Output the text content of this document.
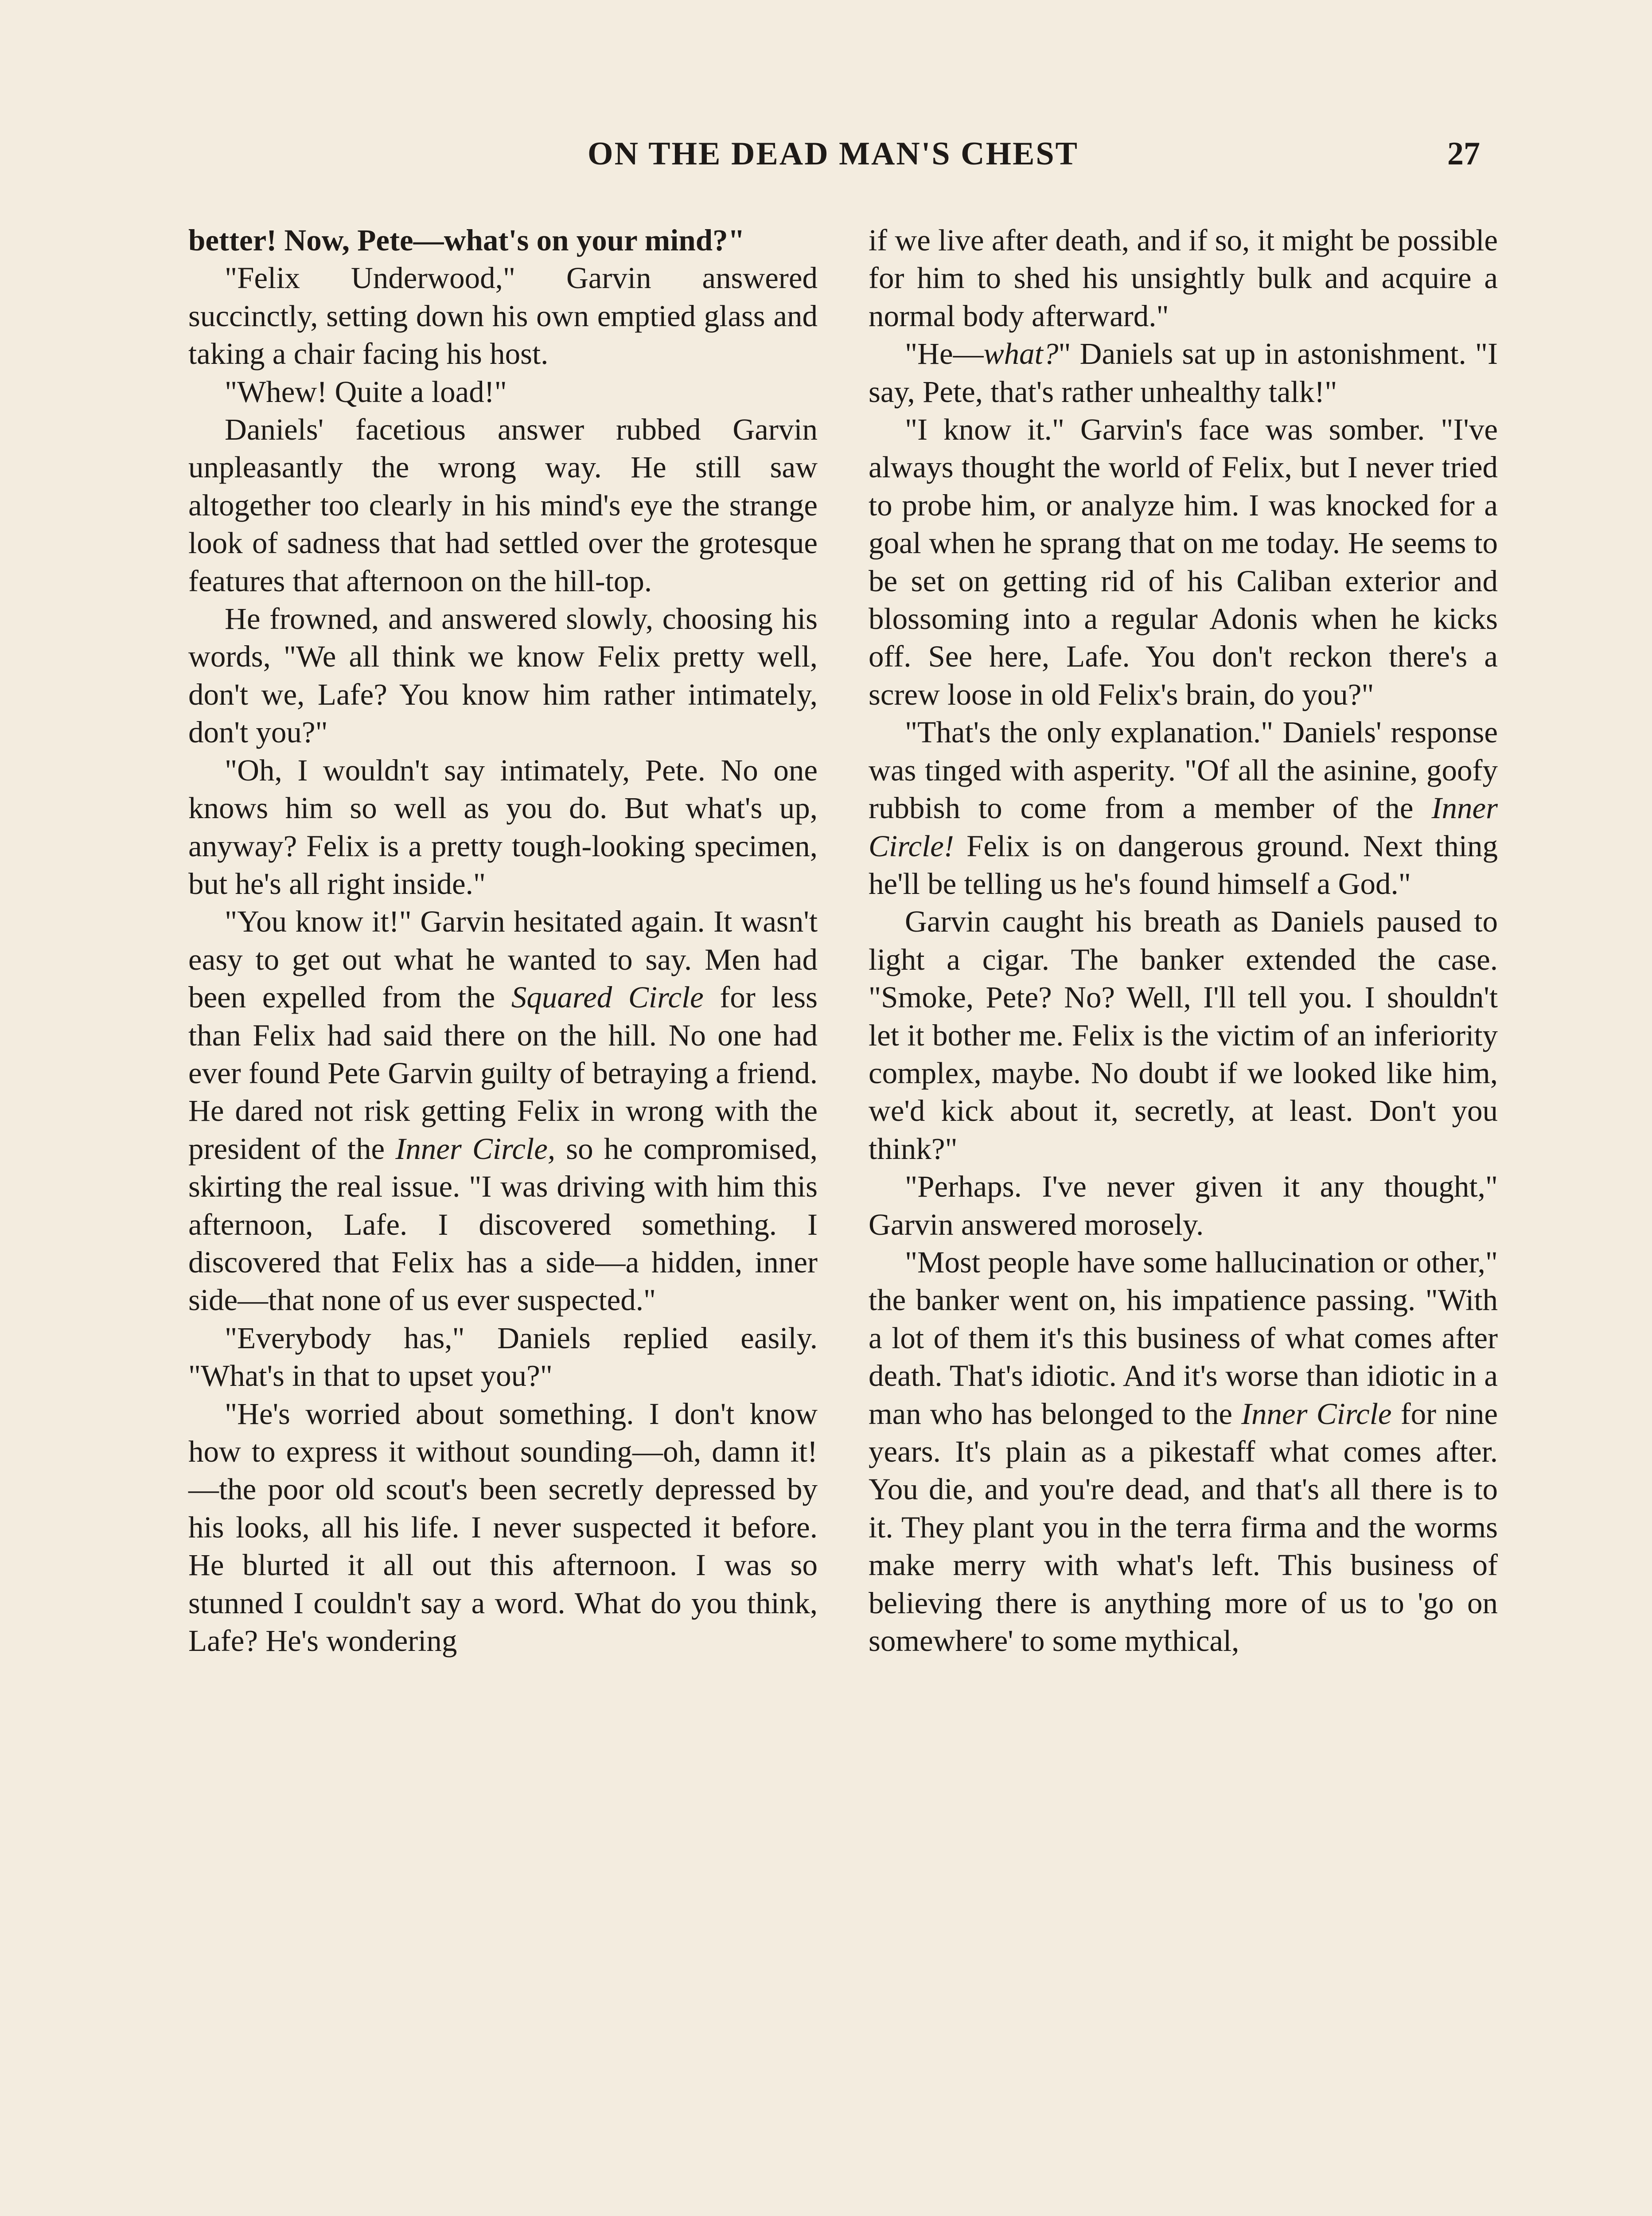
ON THE DEAD MAN'S CHEST	27

better! Now, Pete—what's on your mind?"

"Felix Underwood," Garvin answered succinctly, setting down his own emptied glass and taking a chair facing his host.

"Whew! Quite a load!"

Daniels' facetious answer rubbed Garvin unpleasantly the wrong way. He still saw altogether too clearly in his mind's eye the strange look of sadness that had settled over the grotesque features that afternoon on the hill-top.

He frowned, and answered slowly, choosing his words, "We all think we know Felix pretty well, don't we, Lafe? You know him rather intimately, don't you?"

"Oh, I wouldn't say intimately, Pete. No one knows him so well as you do. But what's up, anyway? Felix is a pretty tough-looking specimen, but he's all right inside."

"You know it!" Garvin hesitated again. It wasn't easy to get out what he wanted to say. Men had been expelled from the Squared Circle for less than Felix had said there on the hill. No one had ever found Pete Garvin guilty of betraying a friend. He dared not risk getting Felix in wrong with the president of the Inner Circle, so he compromised, skirting the real issue. "I was driving with him this afternoon, Lafe. I discovered something. I discovered that Felix has a side—a hidden, inner side—that none of us ever suspected."

"Everybody has," Daniels replied easily. "What's in that to upset you?"

"He's worried about something. I don't know how to express it without sounding—oh, damn it!—the poor old scout's been secretly depressed by his looks, all his life. I never suspected it before. He blurted it all out this afternoon. I was so stunned I couldn't say a word. What do you think, Lafe? He's wondering

if we live after death, and if so, it might be possible for him to shed his unsightly bulk and acquire a normal body afterward."

"He—what?" Daniels sat up in astonishment. "I say, Pete, that's rather unhealthy talk!"

"I know it." Garvin's face was somber. "I've always thought the world of Felix, but I never tried to probe him, or analyze him. I was knocked for a goal when he sprang that on me today. He seems to be set on getting rid of his Caliban exterior and blossoming into a regular Adonis when he kicks off. See here, Lafe. You don't reckon there's a screw loose in old Felix's brain, do you?"

"That's the only explanation." Daniels' response was tinged with asperity. "Of all the asinine, goofy rubbish to come from a member of the Inner Circle! Felix is on dangerous ground. Next thing he'll be telling us he's found himself a God."

Garvin caught his breath as Daniels paused to light a cigar. The banker extended the case. "Smoke, Pete? No? Well, I'll tell you. I shouldn't let it bother me. Felix is the victim of an inferiority complex, maybe. No doubt if we looked like him, we'd kick about it, secretly, at least. Don't you think?"

"Perhaps. I've never given it any thought," Garvin answered morosely.

"Most people have some hallucination or other," the banker went on, his impatience passing. "With a lot of them it's this business of what comes after death. That's idiotic. And it's worse than idiotic in a man who has belonged to the Inner Circle for nine years. It's plain as a pikestaff what comes after. You die, and you're dead, and that's all there is to it. They plant you in the terra firma and the worms make merry with what's left. This business of believing there is anything more of us to 'go on somewhere' to some mythical,
